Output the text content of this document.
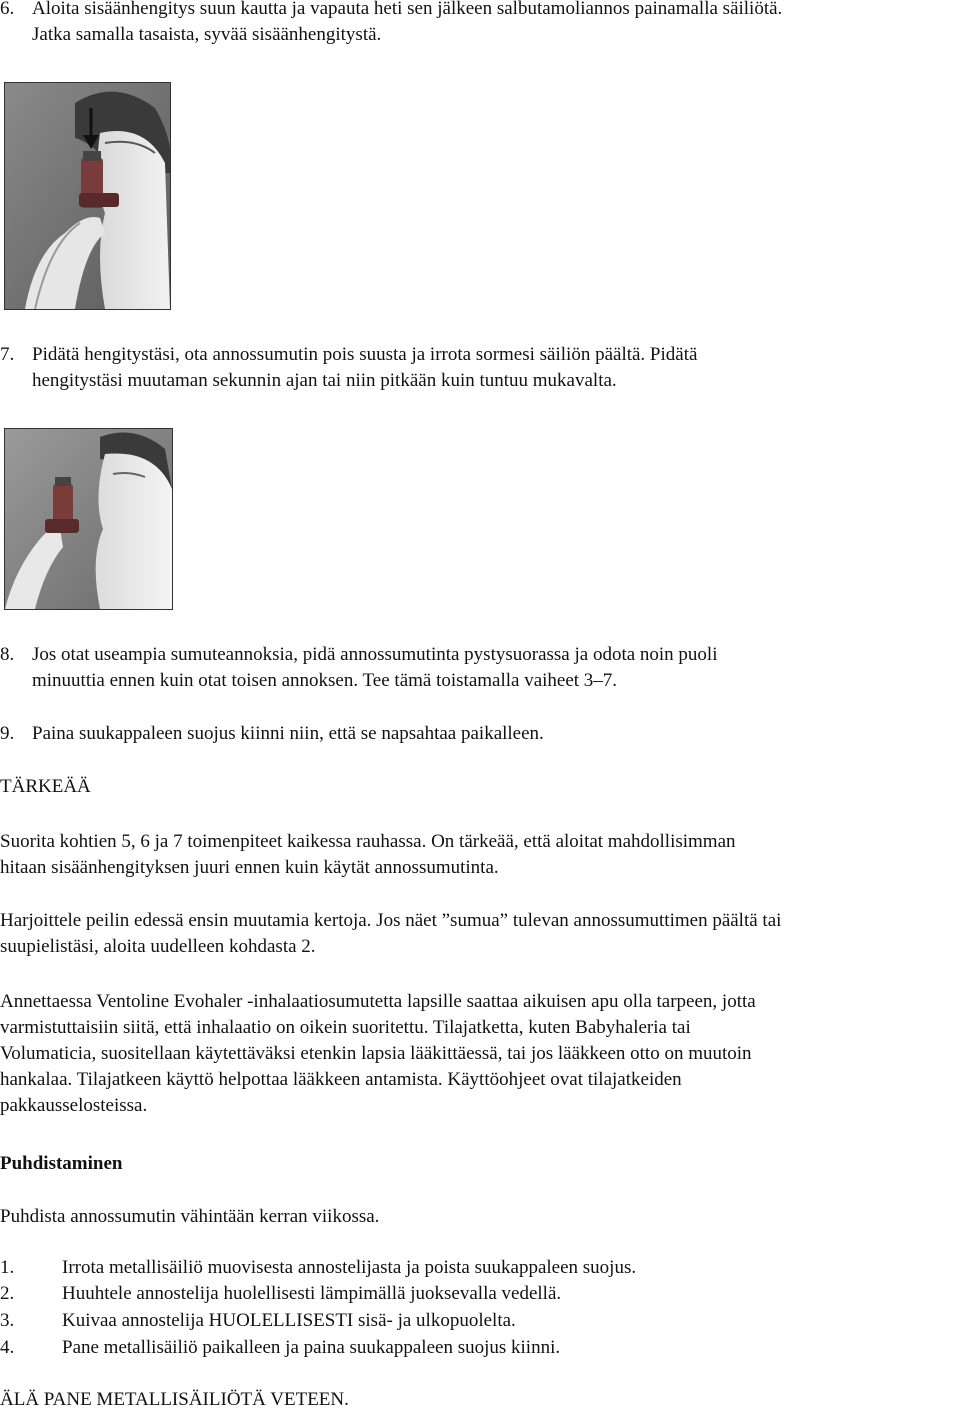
6. Aloita sisäänhengitys suun kautta ja vapauta heti sen jälkeen salbutamoliannos painamalla säiliötä.
Jatka samalla tasaista, syvää sisäänhengitystä.
7. Pidätä hengitystäsi, ota annossumutin pois suusta ja irrota sormesi säiliön päältä. Pidätä
hengitystäsi muutaman sekunnin ajan tai niin pitkään kuin tuntuu mukavalta.
8. Jos otat useampia sumuteannoksia, pidä annossumutinta pystysuorassa ja odota noin puoli
minuuttia ennen kuin otat toisen annoksen. Tee tämä toistamalla vaiheet 3–7.
9. Paina suukappaleen suojus kiinni niin, että se napsahtaa paikalleen.
TÄRKEÄÄ
Suorita kohtien 5, 6 ja 7 toimenpiteet kaikessa rauhassa. On tärkeää, että aloitat mahdollisimman
hitaan sisäänhengityksen juuri ennen kuin käytät annossumutinta.
Harjoittele peilin edessä ensin muutamia kertoja. Jos näet ”sumua” tulevan annossumuttimen päältä tai
suupielistäsi, aloita uudelleen kohdasta 2.
Annettaessa Ventoline Evohaler -inhalaatiosumutetta lapsille saattaa aikuisen apu olla tarpeen, jotta
varmistuttaisiin siitä, että inhalaatio on oikein suoritettu. Tilajatketta, kuten Babyhaleria tai
Volumaticia, suositellaan käytettäväksi etenkin lapsia lääkittäessä, tai jos lääkkeen otto on muutoin
hankalaa. Tilajatkeen käyttö helpottaa lääkkeen antamista. Käyttöohjeet ovat tilajatkeiden
pakkausselosteissa.
Puhdistaminen
Puhdista annossumutin vähintään kerran viikossa.
1.	Irrota metallisäiliö muovisesta annostelijasta ja poista suukappaleen suojus.
2.	Huuhtele annostelija huolellisesti lämpimällä juoksevalla vedellä.
3.	Kuivaa annostelija HUOLELLISESTI sisä- ja ulkopuolelta.
4.	Pane metallisäiliö paikalleen ja paina suukappaleen suojus kiinni.
ÄLÄ PANE METALLISÄILIÖTÄ VETEEN.
